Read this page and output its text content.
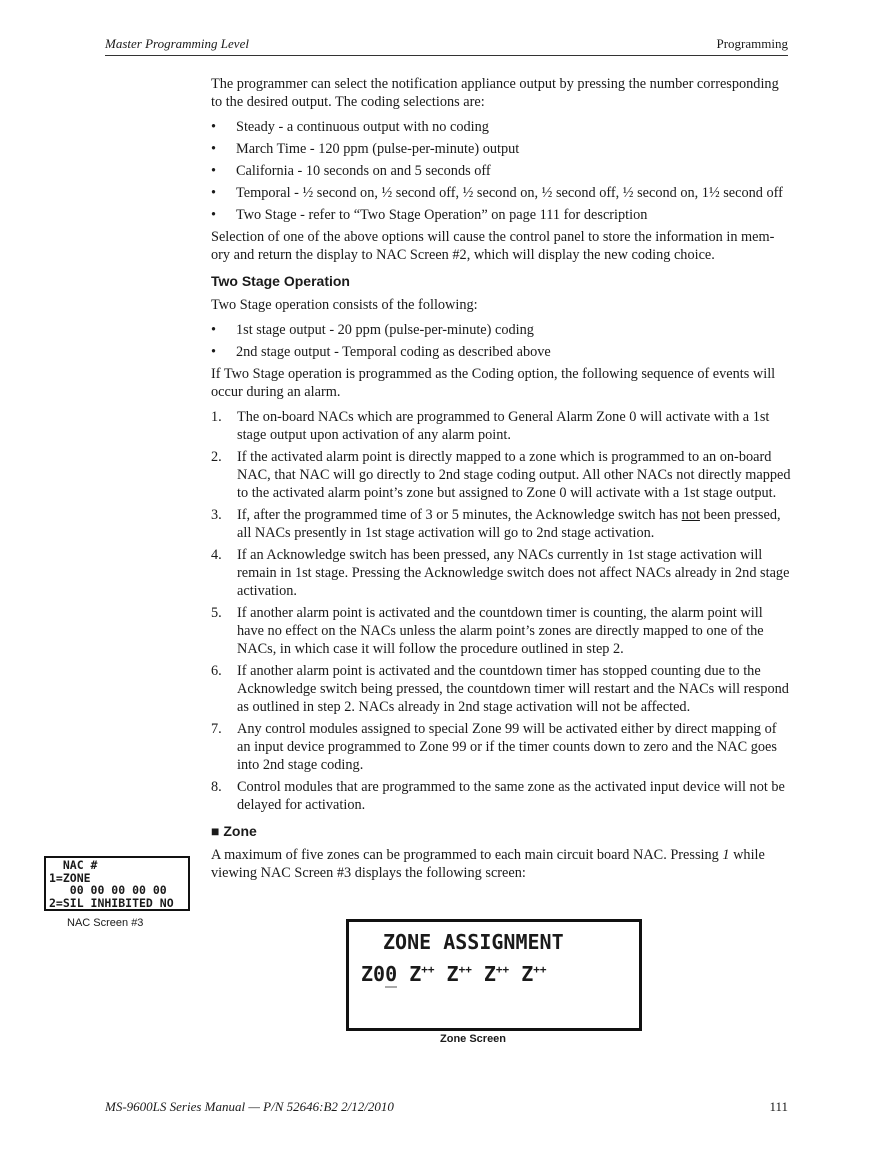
Master Programming Level	Programming

The programmer can select the notification appliance output by pressing the number corresponding to the desired output. The coding selections are:

•	Steady - a continuous output with no coding
•	March Time - 120 ppm (pulse-per-minute) output
•	California - 10 seconds on and 5 seconds off
•	Temporal - ½ second on, ½ second off, ½ second on, ½ second off, ½ second on, 1½ second off
•	Two Stage - refer to “Two Stage Operation” on page 111 for description

Selection of one of the above options will cause the control panel to store the information in mem-ory and return the display to NAC Screen #2, which will display the new coding choice.

Two Stage Operation

Two Stage operation consists of the following:

•	1st stage output - 20 ppm (pulse-per-minute) coding
•	2nd stage output - Temporal coding as described above

If Two Stage operation is programmed as the Coding option, the following sequence of events will occur during an alarm.

1.	The on-board NACs which are programmed to General Alarm Zone 0 will activate with a 1st stage output upon activation of any alarm point.
2.	If the activated alarm point is directly mapped to a zone which is programmed to an on-board NAC, that NAC will go directly to 2nd stage coding output. All other NACs not directly mapped to the activated alarm point’s zone but assigned to Zone 0 will activate with a 1st stage output.
3.	If, after the programmed time of 3 or 5 minutes, the Acknowledge switch has not been pressed, all NACs presently in 1st stage activation will go to 2nd stage activation.
4.	If an Acknowledge switch has been pressed, any NACs currently in 1st stage activation will remain in 1st stage. Pressing the Acknowledge switch does not affect NACs already in 2nd stage activation.
5.	If another alarm point is activated and the countdown timer is counting, the alarm point will have no effect on the NACs unless the alarm point’s zones are directly mapped to one of the NACs, in which case it will follow the procedure outlined in step 2.
6.	If another alarm point is activated and the countdown timer has stopped counting due to the Acknowledge switch being pressed, the countdown timer will restart and the NACs will respond as outlined in step 2. NACs already in 2nd stage activation will not be affected.
7.	Any control modules assigned to special Zone 99 will be activated either by direct mapping of an input device programmed to Zone 99 or if the timer counts down to zero and the NAC goes into 2nd stage coding.
8.	Control modules that are programmed to the same zone as the activated input device will not be delayed for activation.
■ Zone

A maximum of five zones can be programmed to each main circuit board NAC. Pressing 1 while viewing NAC Screen #3 displays the following screen:

NAC #
1=ZONE
00 00 00 00 00
2=SIL INHIBITED NO
NAC Screen #3
ZONE ASSIGNMENT
Z00 Z++ Z++ Z++ Z++
Zone Screen
MS-9600LS Series Manual — P/N 52646:B2 2/12/2010	111
